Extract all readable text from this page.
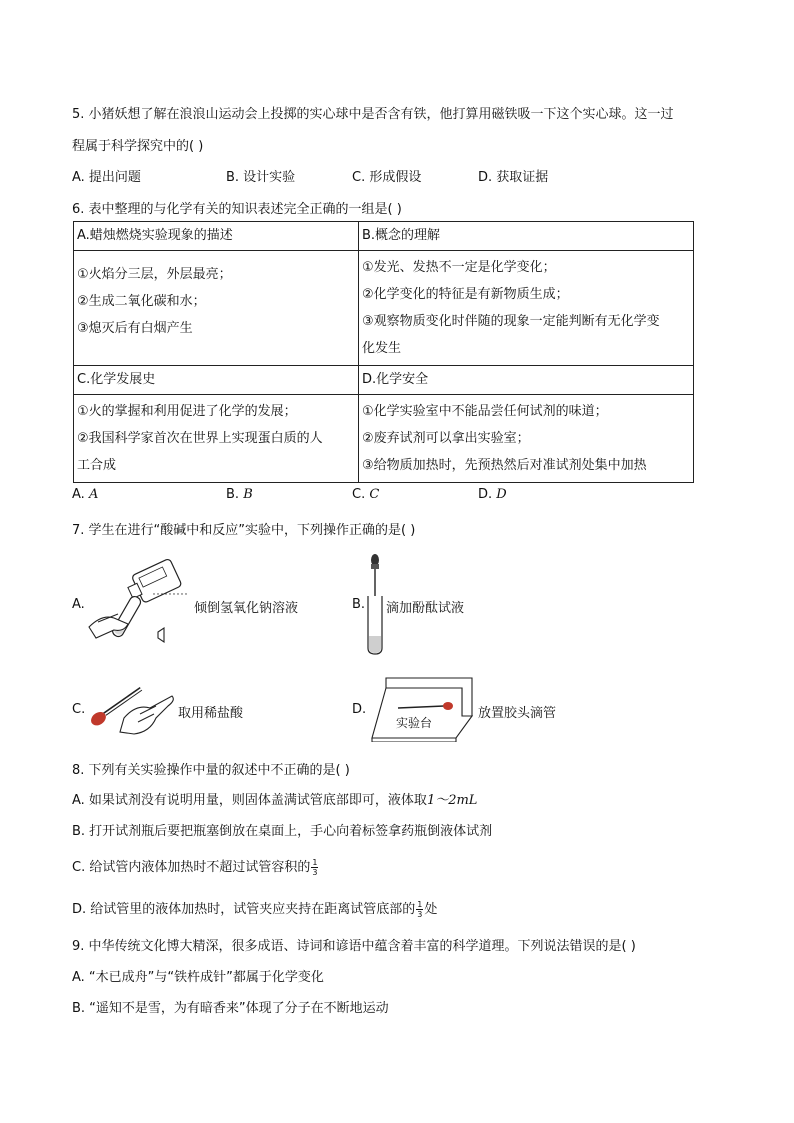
5. 小猪妖想了解在浪浪山运动会上投掷的实心球中是否含有铁，他打算用磁铁吸一下这个实心球。这一过
程属于科学探究中的( )
A. 提出问题	B. 设计实验	C. 形成假设	D. 获取证据
6. 表中整理的与化学有关的知识表述完全正确的一组是( )
A.蜡烛燃烧实验现象的描述	B.概念的理解

①火焰分三层，外层最亮；
②生成二氧化碳和水；
③熄灭后有白烟产生	①发光、发热不一定是化学变化；
②化学变化的特征是有新物质生成；
③观察物质变化时伴随的现象一定能判断有无化学变
化发生

C.化学发展史	D.化学安全

①火的掌握和利用促进了化学的发展；
②我国科学家首次在世界上实现蛋白质的人
工合成	①化学实验室中不能品尝任何试剂的味道；
②废弃试剂可以拿出实验室；
③给物质加热时，先预热然后对准试剂处集中加热
A. A	B. B	C. C	D. D
7. 学生在进行“酸碱中和反应”实验中，下列操作正确的是( )
A.	倾倒氢氧化钠溶液	B. 滴加酚酞试液
C.	取用稀盐酸	D.
实验台
放置胶头滴管
8. 下列有关实验操作中量的叙述中不正确的是( )
A. 如果试剂没有说明用量，则固体盖满试管底部即可，液体取1～2mL
B. 打开试剂瓶后要把瓶塞倒放在桌面上，手心向着标签拿药瓶倒液体试剂
C. 给试管内液体加热时不超过试管容积的 $\frac{1}{3}$
D. 给试管里的液体加热时，试管夹应夹持在距离试管底部的 $\frac{1}{3}$ 处
9. 中华传统文化博大精深，很多成语、诗词和谚语中蕴含着丰富的科学道理。下列说法错误的是( )
A. “木已成舟”与“铁杵成针”都属于化学变化
B. “遥知不是雪，为有暗香来”体现了分子在不断地运动
